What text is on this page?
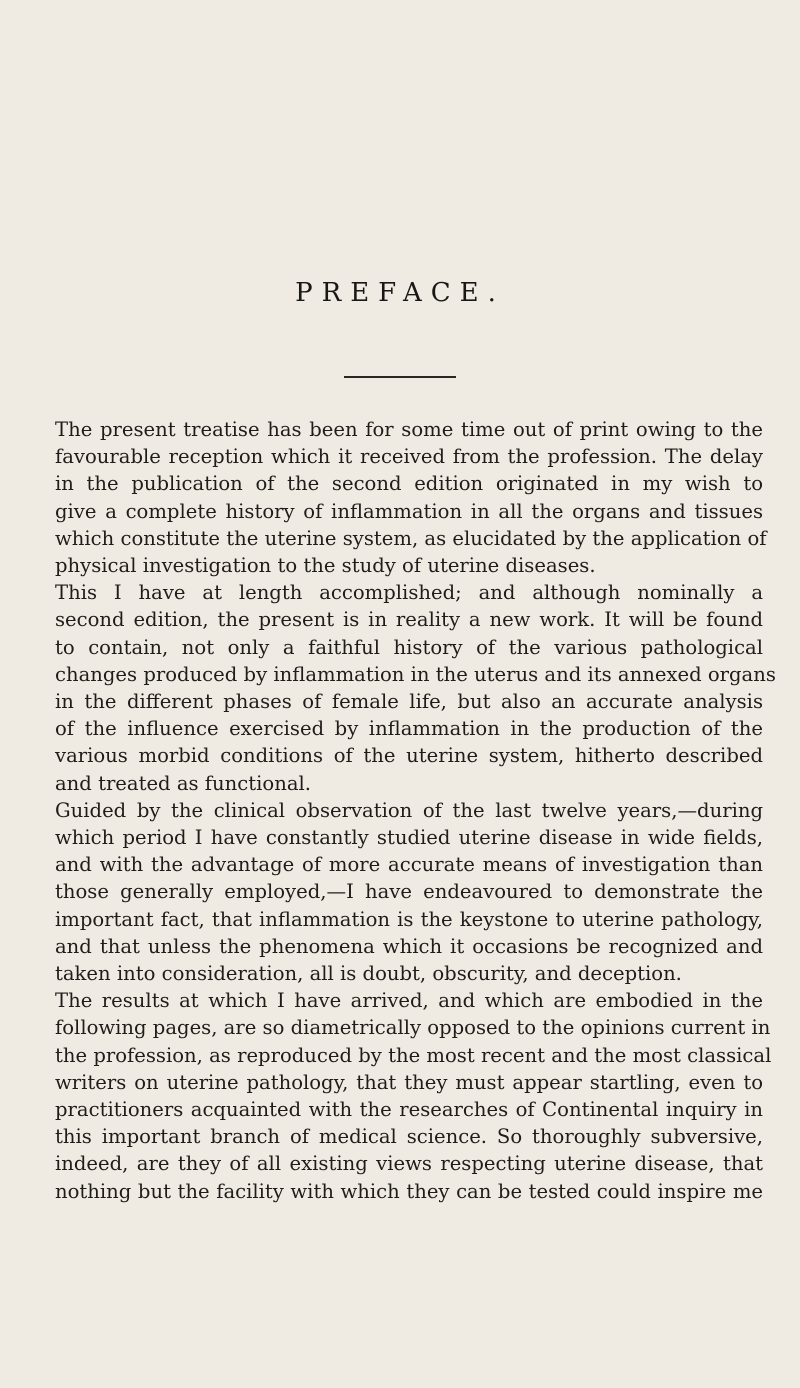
PREFACE.

The present treatise has been for some time out of print owing to the
favourable reception which it received from the profession. The delay
in the publication of the second edition originated in my wish to
give a complete history of inflammation in all the organs and tissues
which constitute the uterine system, as elucidated by the application of
physical investigation to the study of uterine diseases.

This I have at length accomplished; and although nominally a
second edition, the present is in reality a new work. It will be found
to contain, not only a faithful history of the various pathological
changes produced by inflammation in the uterus and its annexed organs
in the different phases of female life, but also an accurate analysis
of the influence exercised by inflammation in the production of the
various morbid conditions of the uterine system, hitherto described
and treated as functional.

Guided by the clinical observation of the last twelve years,—during
which period I have constantly studied uterine disease in wide fields,
and with the advantage of more accurate means of investigation than
those generally employed,—I have endeavoured to demonstrate the
important fact, that inflammation is the keystone to uterine pathology,
and that unless the phenomena which it occasions be recognized and
taken into consideration, all is doubt, obscurity, and deception.

The results at which I have arrived, and which are embodied in the
following pages, are so diametrically opposed to the opinions current in
the profession, as reproduced by the most recent and the most classical
writers on uterine pathology, that they must appear startling, even to
practitioners acquainted with the researches of Continental inquiry in
this important branch of medical science. So thoroughly subversive,
indeed, are they of all existing views respecting uterine disease, that
nothing but the facility with which they can be tested could inspire me
